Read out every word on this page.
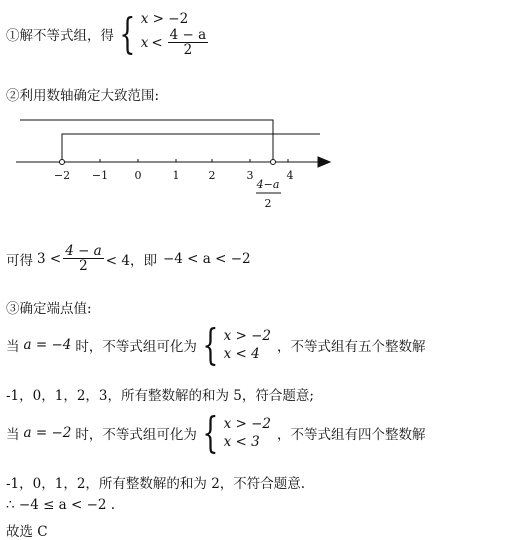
①解不等式组，得 { x > −2
$x < \frac{4 - a}{2}$
②利用数轴确定大致范围:
−2 −1 0	1	2	3	4
4−a
2
可得 $3 < \frac{4 - a}{2} < 4$，即 −4 < a < −2
③确定端点值:
当 a = −4 时，不等式组可化为 { x > −2
x < 4	，不等式组有五个整数解
-1，0，1，2，3，所有整数解的和为 5，符合题意;
当 a = −2 时，不等式组可化为 { x > −2
x < 3	，不等式组有四个整数解
-1，0，1，2，所有整数解的和为 2，不符合题意.
∴ −4 ≤ a < −2 .
故选 C
